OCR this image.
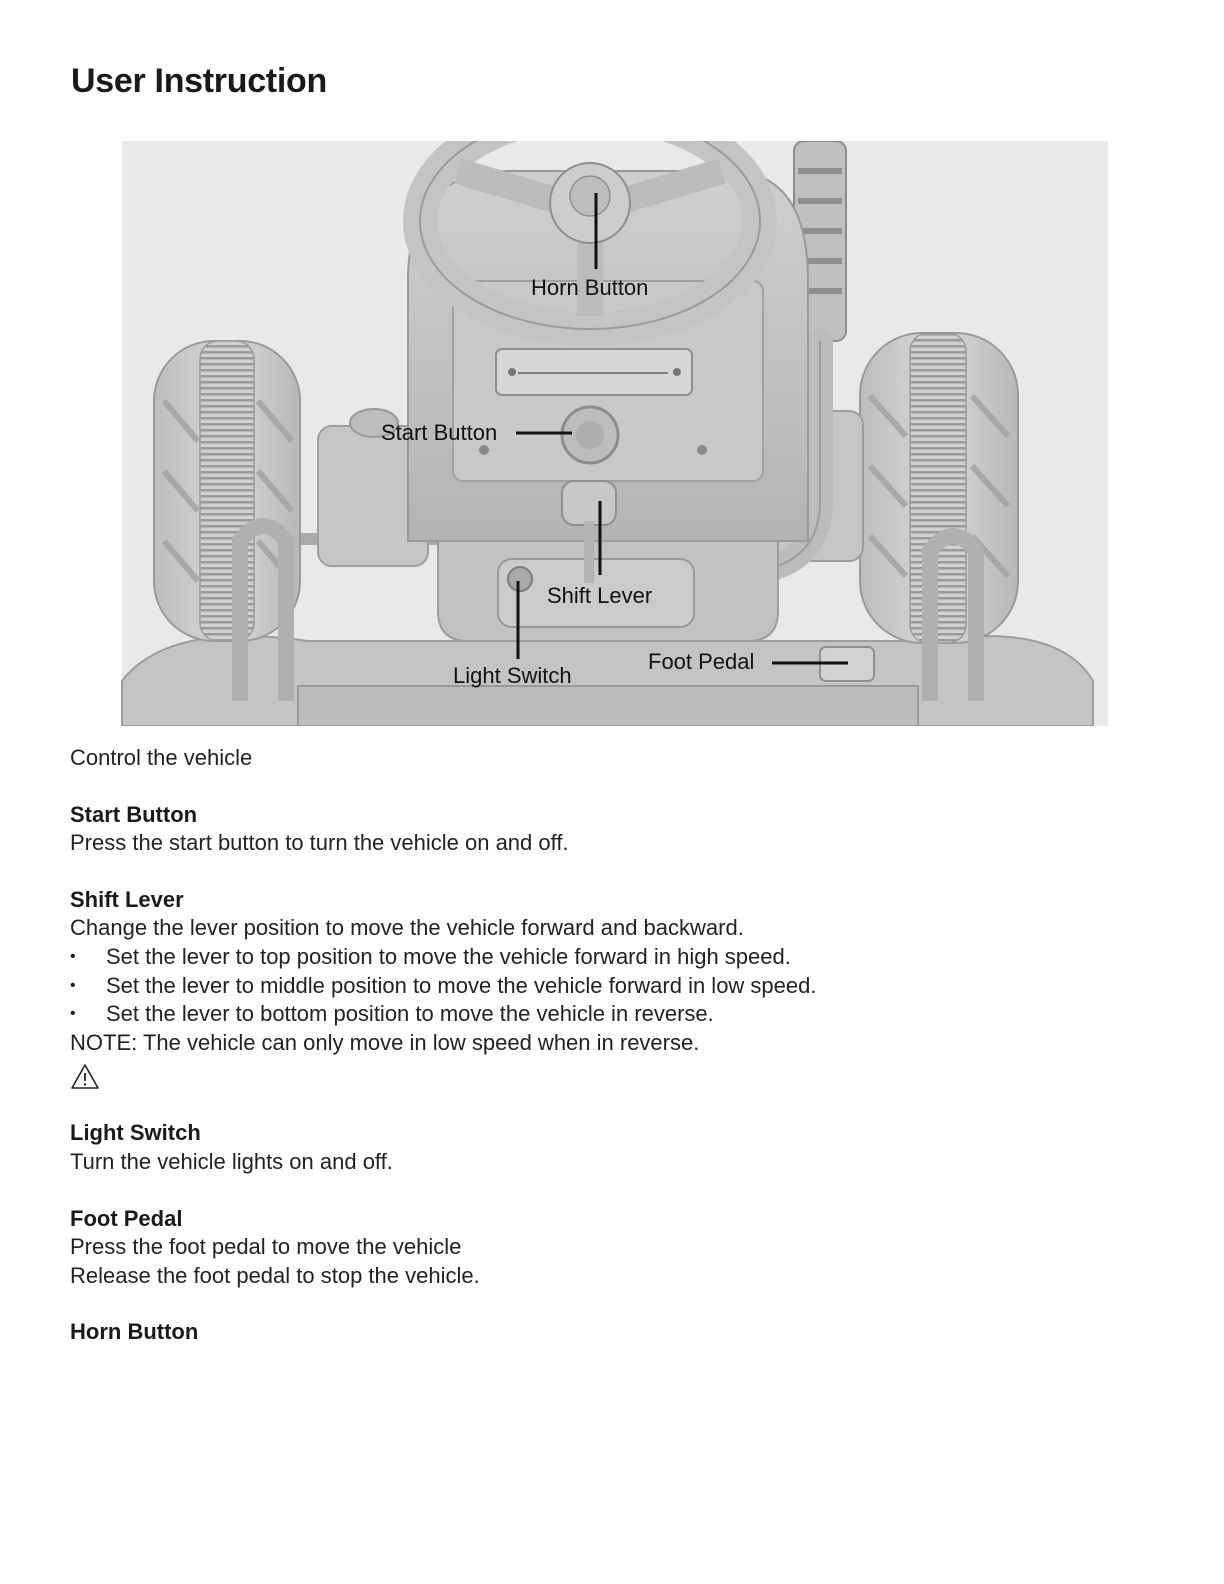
User Instruction
Horn Button
Start Button
Shift Lever
Light Switch
Foot Pedal

Control the vehicle

Start Button

Press the start button to turn the vehicle on and off.

Shift Lever

Change the lever position to move the vehicle forward and backward.

• Set the lever to top position to move the vehicle forward in high speed.
• Set the lever to middle position to move the vehicle forward in low speed.
• Set the lever to bottom position to move the vehicle in reverse.

NOTE: The vehicle can only move in low speed when in reverse.

Light Switch

Turn the vehicle lights on and off.

Foot Pedal

Press the foot pedal to move the vehicle

Release the foot pedal to stop the vehicle.

Horn Button
